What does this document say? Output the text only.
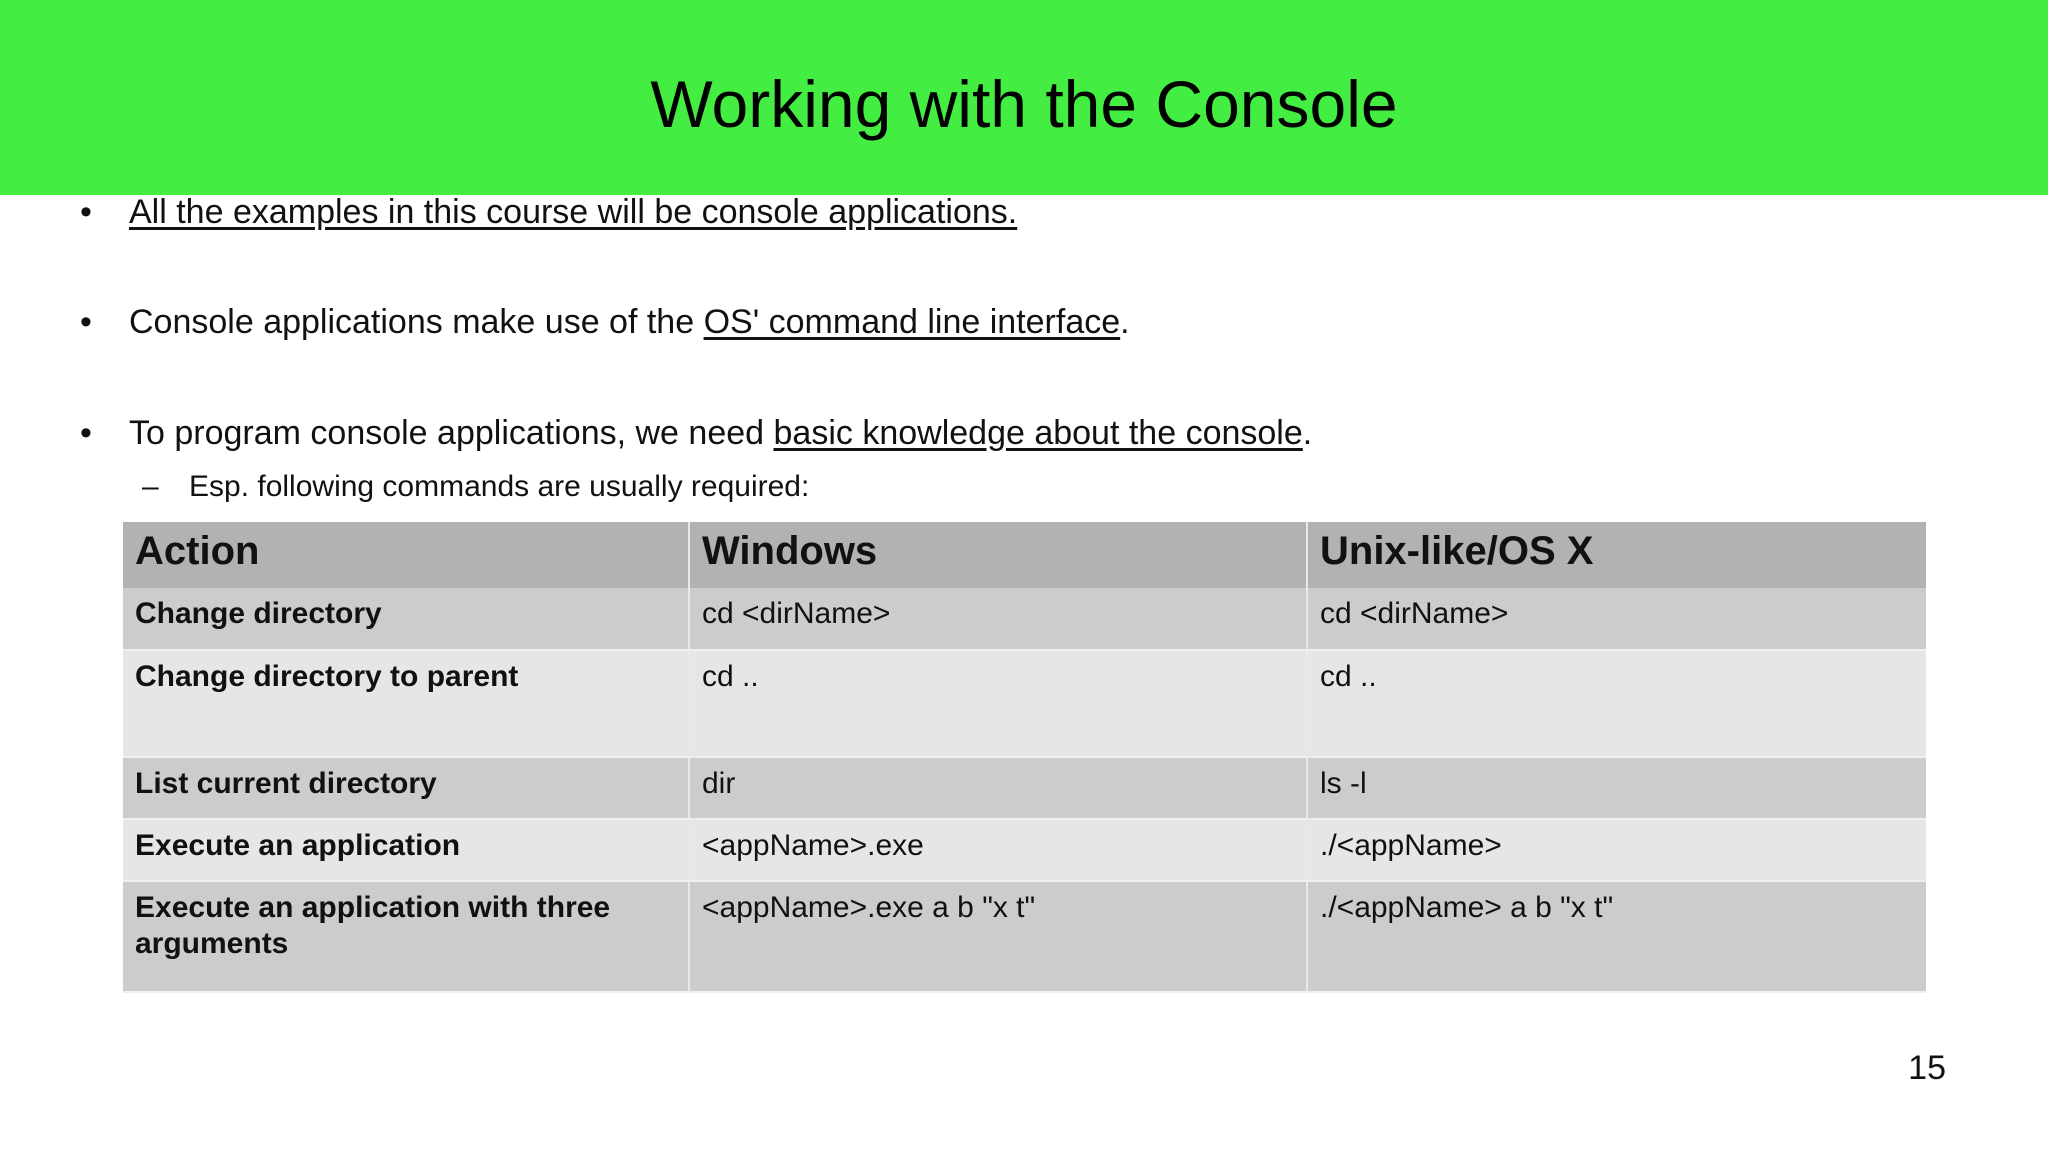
Working with the Console
• All the examples in this course will be console applications.
• Console applications make use of the OS' command line interface.
• To program console applications, we need basic knowledge about the console.
– Esp. following commands are usually required:
Action	Windows	Unix-like/OS X
Change directory	cd <dirName>	cd <dirName>
Change directory to parent	cd ..	cd ..
List current directory	dir	ls -l
Execute an application	<appName>.exe	./<appName>
Execute an application with three arguments	<appName>.exe a b "x t"	./<appName> a b "x t"
15
